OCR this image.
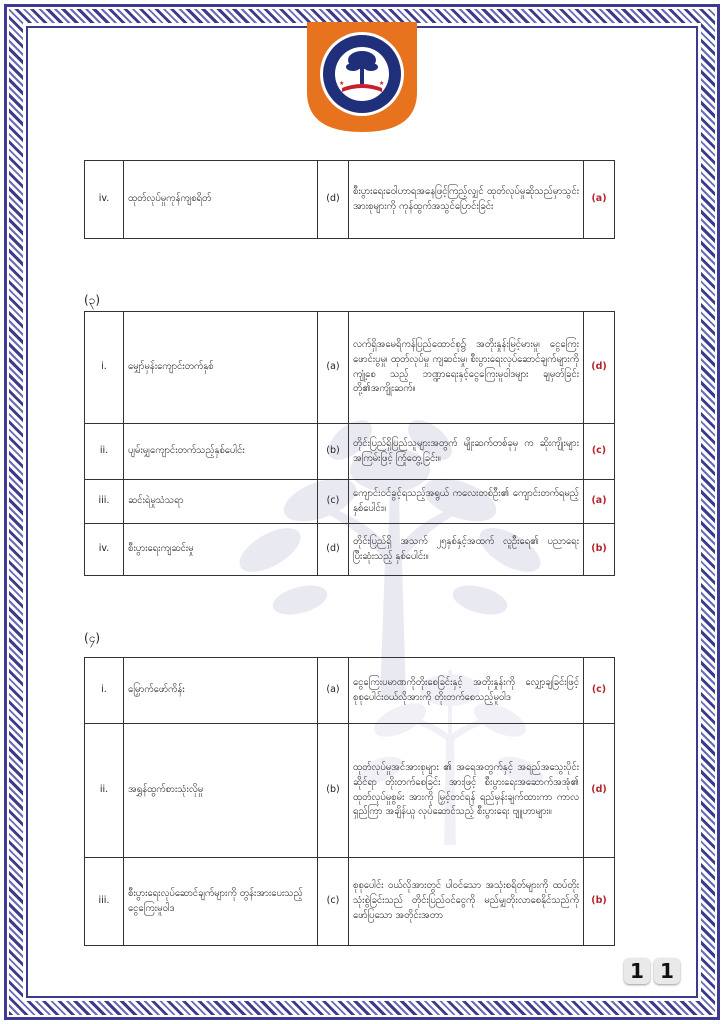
★	★
iv.	ထုတ်လုပ်မှုကုန်ကျစရိတ်	(d)	စီးပွားရေးဝေါဟာရအနေဖြင့်ကြည့်လျှင် ထုတ်လုပ်မှုဆိုသည်မှာသွင်းအားစုများကို ကုန်ထွက်အသွင်ပြောင်းခြင်း	(a)
(၃)
i.	မျှော်မှန်းကျောင်းတက်နှစ်	(a)	လက်ရှိအမေရိကန်ပြည်ထောင်စု၌ အတိုးနှုန်းမြင့်မားမှု၊ ငွေကြေး ဖောင်းပွမှု၊ ထုတ်လုပ်မှု ကျဆင်းမှု၊ စီးပွားရေးလုပ်ဆောင်ချက်များကို ကျုံ့စေ သည့် ဘဏ္ဍာရေးနှင့်ငွေကြေးမူဝါဒများ ချမှတ်ခြင်း တို့၏အကျိုးဆက်။	(d)
ii.	ပျမ်းမျှကျောင်းတက်သည့်နှစ်ပေါင်း	(b)	တိုင်းပြည်ရှိပြည်သူများအတွက် မျိုးဆက်တစ်ခုမှ က ဆိုးကျိုးများ အကြမ်းဖြင့် ကြုံတွေ့ခြင်း။	(c)
iii.	ဆင်းရဲမှုသံသရာ	(c)	ကျောင်းဝင်ခွင့်ရသည့်အရွယ် ကလေးတစ်ဦး၏ ကျောင်းတက်ရမည့်နှစ်ပေါင်း။	(a)
iv.	စီးပွားရေးကျဆင်းမှု	(d)	တိုင်းပြည်ရှိ အသက် ၂၅နှစ်နှင့်အထက် လူဦးရေ၏ ပညာရေး ပြီးဆုံးသည့် နှစ်ပေါင်း။	(b)
(၄)
i.	မြှောက်ဖော်ကိန်း	(a)	ငွေကြေးပမာဏကိုတိုးစေခြင်းနှင့် အတိုးနှုန်းကို လျှော့ချခြင်းဖြင့် စုစုပေါင်းဝယ်လိုအားကို တိုးတက်စေသည့်မူဝါဒ	(c)
ii.	အရွှန်ထွက်စားသုံးလိုမှု	(b)	ထုတ်လုပ်မှုအင်အားစုများ ၏ အရေအတွက်နှင့် အရည်အသွေးပိုင်းဆိုင်ရာ တိုးတက်စေခြင်း အားဖြင့် စီးပွားရေးအဆောက်အအုံ၏ ထုတ်လုပ်မှုစွမ်း အားကို မြှင့်တင်ရန် ရည်မှန်းချက်ထားကာ ကာလ ရှည်ကြာ အချိန်ယူ လုပ်ဆောင်သည့် စီးပွားရေး ဗျူဟာများ။	(d)
iii.	စီးပွားရေးလုပ်ဆောင်ချက်များကို တွန်းအားပေးသည့် ငွေကြေးမူဝါဒ	(c)	စုစုပေါင်း ဝယ်လိုအားတွင် ပါဝင်သော အသုံးစရိတ်များကို ထပ်တိုးသုံးစွဲခြင်းသည် တိုင်းပြည်ဝင်ငွေကို မည်မျှတိုးလာစေနိုင်သည်ကို ဖော်ပြသော အတိုင်းအတာ	(b)
1 1
